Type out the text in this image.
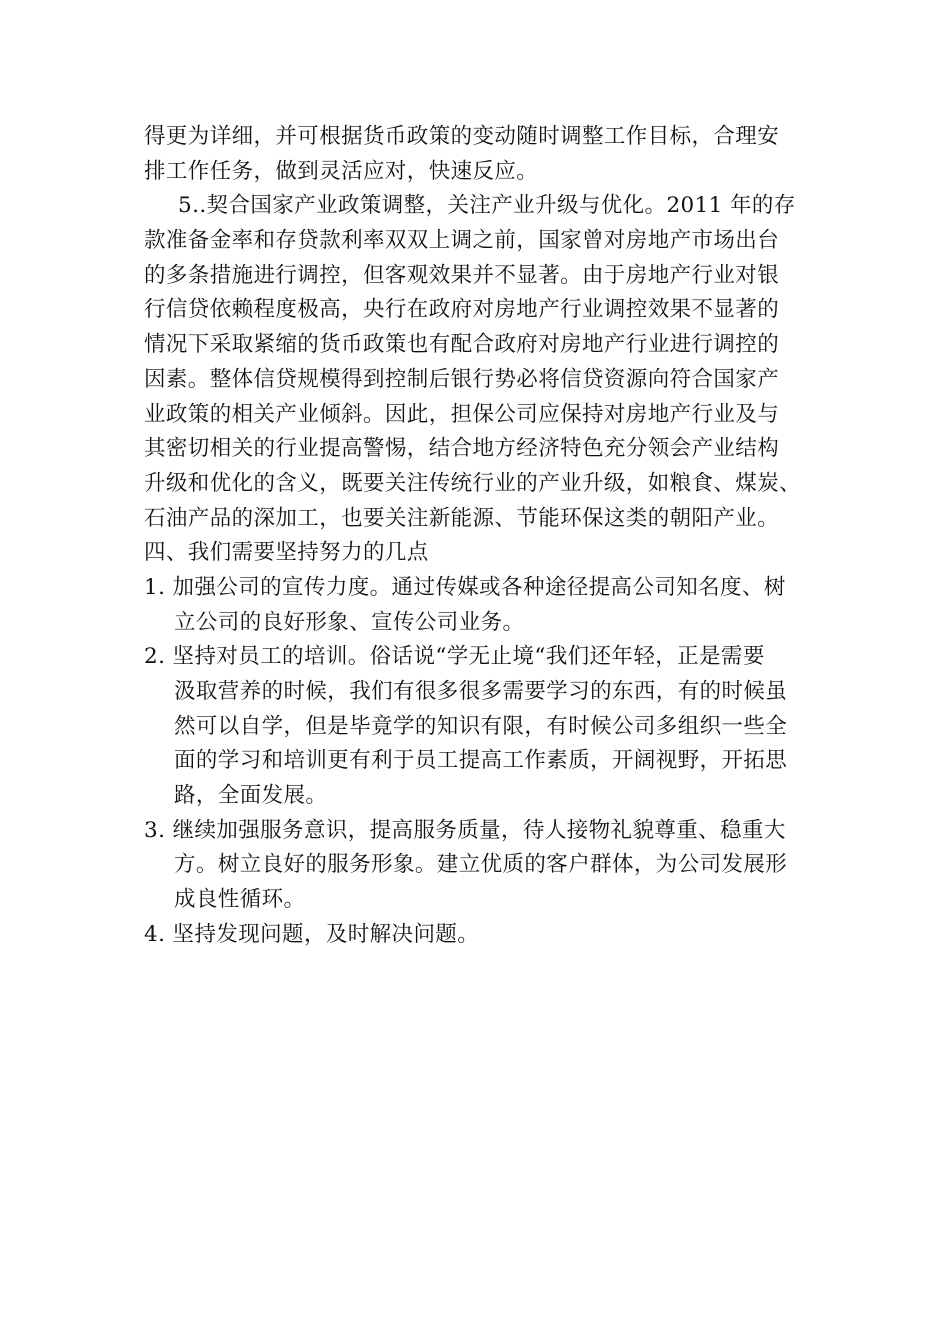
得更为详细，并可根据货币政策的变动随时调整工作目标，合理安
排工作任务，做到灵活应对，快速反应。
5..契合国家产业政策调整，关注产业升级与优化。2011 年的存
款准备金率和存贷款利率双双上调之前，国家曾对房地产市场出台
的多条措施进行调控，但客观效果并不显著。由于房地产行业对银
行信贷依赖程度极高，央行在政府对房地产行业调控效果不显著的
情况下采取紧缩的货币政策也有配合政府对房地产行业进行调控的
因素。整体信贷规模得到控制后银行势必将信贷资源向符合国家产
业政策的相关产业倾斜。因此，担保公司应保持对房地产行业及与
其密切相关的行业提高警惕，结合地方经济特色充分领会产业结构
升级和优化的含义，既要关注传统行业的产业升级，如粮食、煤炭、
石油产品的深加工，也要关注新能源、节能环保这类的朝阳产业。
四、我们需要坚持努力的几点
1. 加强公司的宣传力度。通过传媒或各种途径提高公司知名度、树
立公司的良好形象、宣传公司业务。
2. 坚持对员工的培训。俗话说“学无止境“我们还年轻，正是需要
汲取营养的时候，我们有很多很多需要学习的东西，有的时候虽
然可以自学，但是毕竟学的知识有限，有时候公司多组织一些全
面的学习和培训更有利于员工提高工作素质，开阔视野，开拓思
路，全面发展。
3. 继续加强服务意识，提高服务质量，待人接物礼貌尊重、稳重大
方。树立良好的服务形象。建立优质的客户群体，为公司发展形
成良性循环。
4. 坚持发现问题，及时解决问题。
